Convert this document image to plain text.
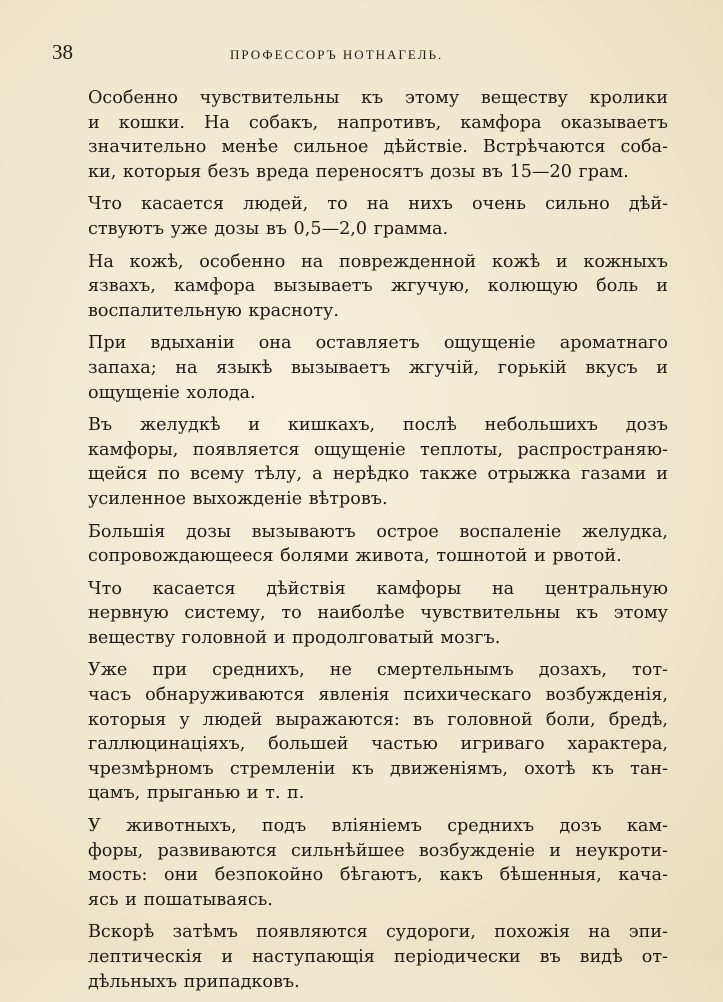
38	ПРОФЕССОРЪ НОТНАГЕЛЬ.

Особенно чувствительны къ этому веществу кролики
и кошки. На собакъ, напротивъ, камфора оказываетъ
значительно менѣе сильное дѣйствіе. Встрѣчаются соба-
ки, которыя безъ вреда переносятъ дозы въ 15—20 грам.

Что касается людей, то на нихъ очень сильно дѣй-
ствуютъ уже дозы въ 0,5—2,0 грамма.

На кожѣ, особенно на поврежденной кожѣ и кожныхъ
язвахъ, камфора вызываетъ жгучую, колющую боль и
воспалительную красноту.

При вдыханіи она оставляетъ ощущеніе ароматнаго
запаха; на языкѣ вызываетъ жгучій, горькій вкусъ и
ощущеніе холода.

Въ желудкѣ и кишкахъ, послѣ небольшихъ дозъ
камфоры, появляется ощущеніе теплоты, распространяю-
щейся по всему тѣлу, а нерѣдко также отрыжка газами и
усиленное выхожденіе вѣтровъ.

Большія дозы вызываютъ острое воспаленіе желудка,
сопровождающееся болями живота, тошнотой и рвотой.

Что касается дѣйствія камфоры на центральную
нервную систему, то наиболѣе чувствительны къ этому
веществу головной и продолговатый мозгъ.

Уже при среднихъ, не смертельнымъ дозахъ, тот-
часъ обнаруживаются явленія психическаго возбужденія,
которыя у людей выражаются: въ головной боли, бредѣ,
галлюцинаціяхъ, большей частью игриваго характера,
чрезмѣрномъ стремленіи къ движеніямъ, охотѣ къ тан-
цамъ, прыганью и т. п.

У животныхъ, подъ вліяніемъ среднихъ дозъ кам-
форы, развиваются сильнѣйшее возбужденіе и неукроти-
мость: они безпокойно бѣгаютъ, какъ бѣшенныя, кача-
ясь и пошатываясь.

Вскорѣ затѣмъ появляются судороги, похожія на эпи-
лептическія и наступающія періодически въ видѣ от-
дѣльныхъ припадковъ.
